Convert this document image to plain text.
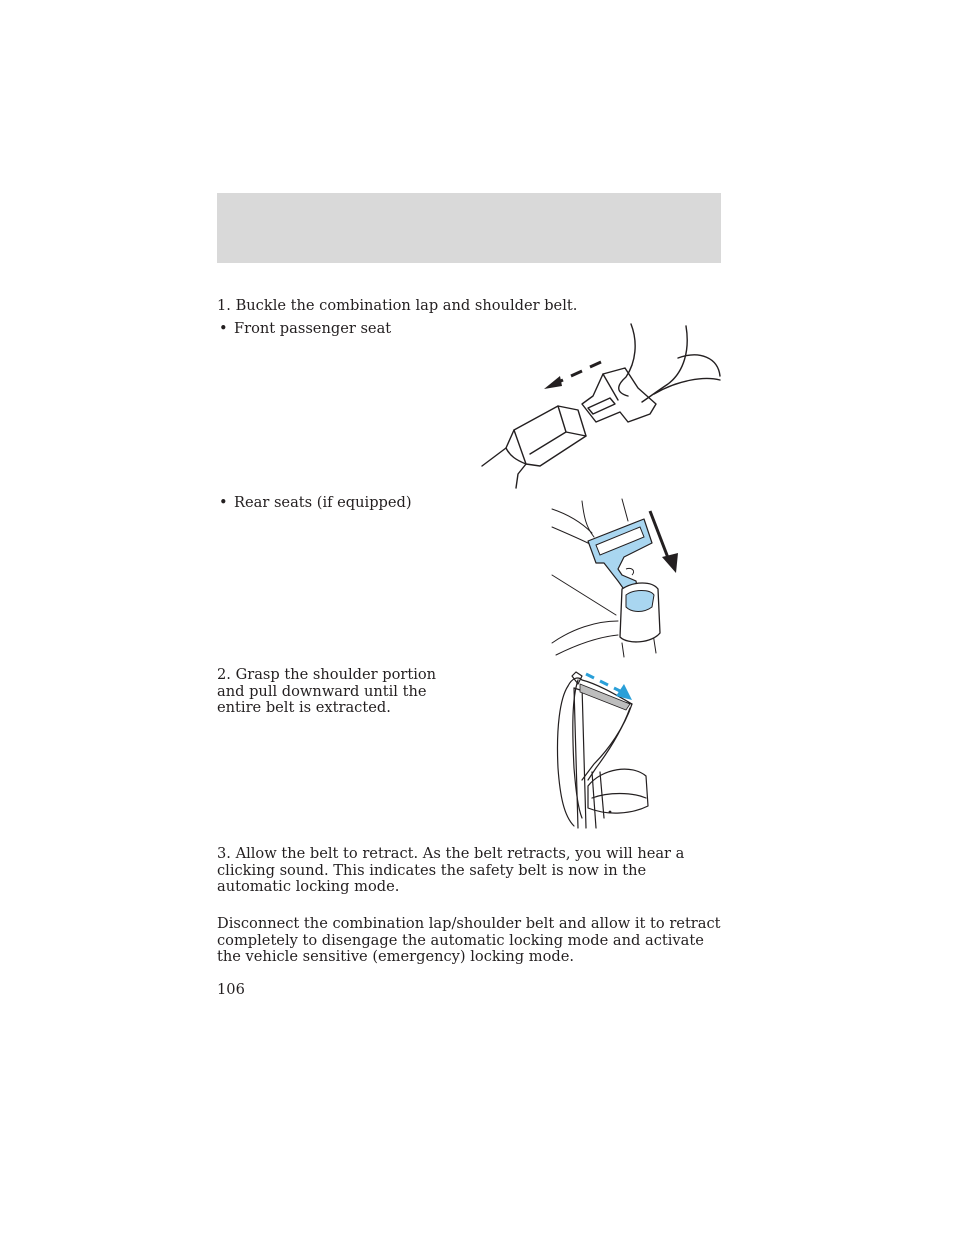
1. Buckle the combination lap and shoulder belt.

• Front passenger seat

• Rear seats (if equipped)

2. Grasp the shoulder portion and pull downward until the entire belt is extracted.

3. Allow the belt to retract. As the belt retracts, you will hear a clicking sound. This indicates the safety belt is now in the automatic locking mode.

Disconnect the combination lap/shoulder belt and allow it to retract completely to disengage the automatic locking mode and activate the vehicle sensitive (emergency) locking mode.

106
